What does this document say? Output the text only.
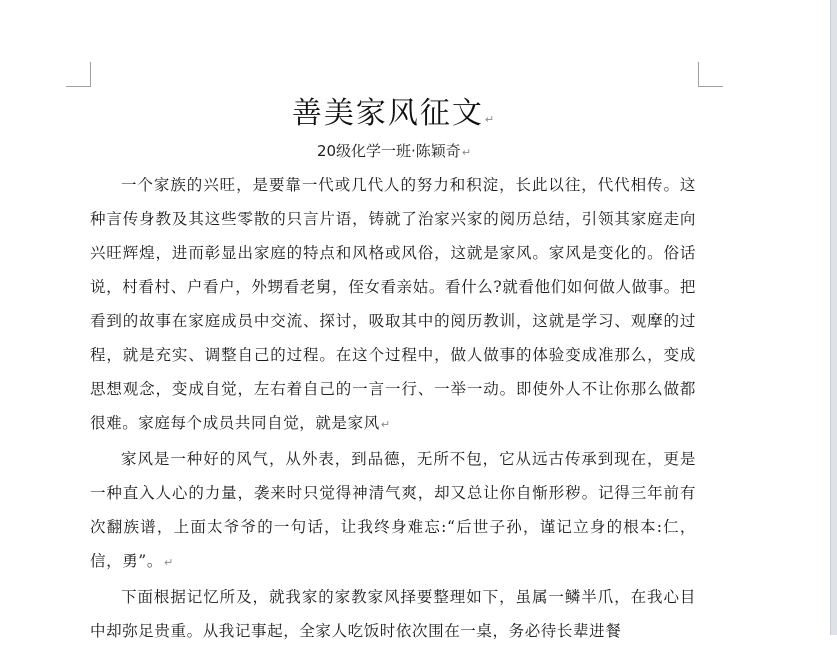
善美家风征文↵
20级化学一班·陈颖奇↵

一个家族的兴旺，是要靠一代或几代人的努力和积淀，长此以往，代代相传。这种言传身教及其这些零散的只言片语，铸就了治家兴家的阅历总结，引领其家庭走向兴旺辉煌，进而彰显出家庭的特点和风格或风俗，这就是家风。家风是变化的。俗话说，村看村、户看户，外甥看老舅，侄女看亲姑。看什么?就看他们如何做人做事。把看到的故事在家庭成员中交流、探讨，吸取其中的阅历教训，这就是学习、观摩的过程，就是充实、调整自己的过程。在这个过程中，做人做事的体验变成准那么，变成思想观念，变成自觉，左右着自己的一言一行、一举一动。即使外人不让你那么做都很难。家庭每个成员共同自觉，就是家风↵

家风是一种好的风气，从外表，到品德，无所不包，它从远古传承到现在，更是一种直入人心的力量，袭来时只觉得神清气爽，却又总让你自惭形秽。记得三年前有次翻族谱，上面太爷爷的一句话，让我终身难忘:“后世子孙，谨记立身的根本:仁，信，勇”。↵

下面根据记忆所及，就我家的家教家风择要整理如下，虽属一鳞半爪，在我心目中却弥足贵重。从我记事起，全家人吃饭时依次围在一桌，务必待长辈进餐
